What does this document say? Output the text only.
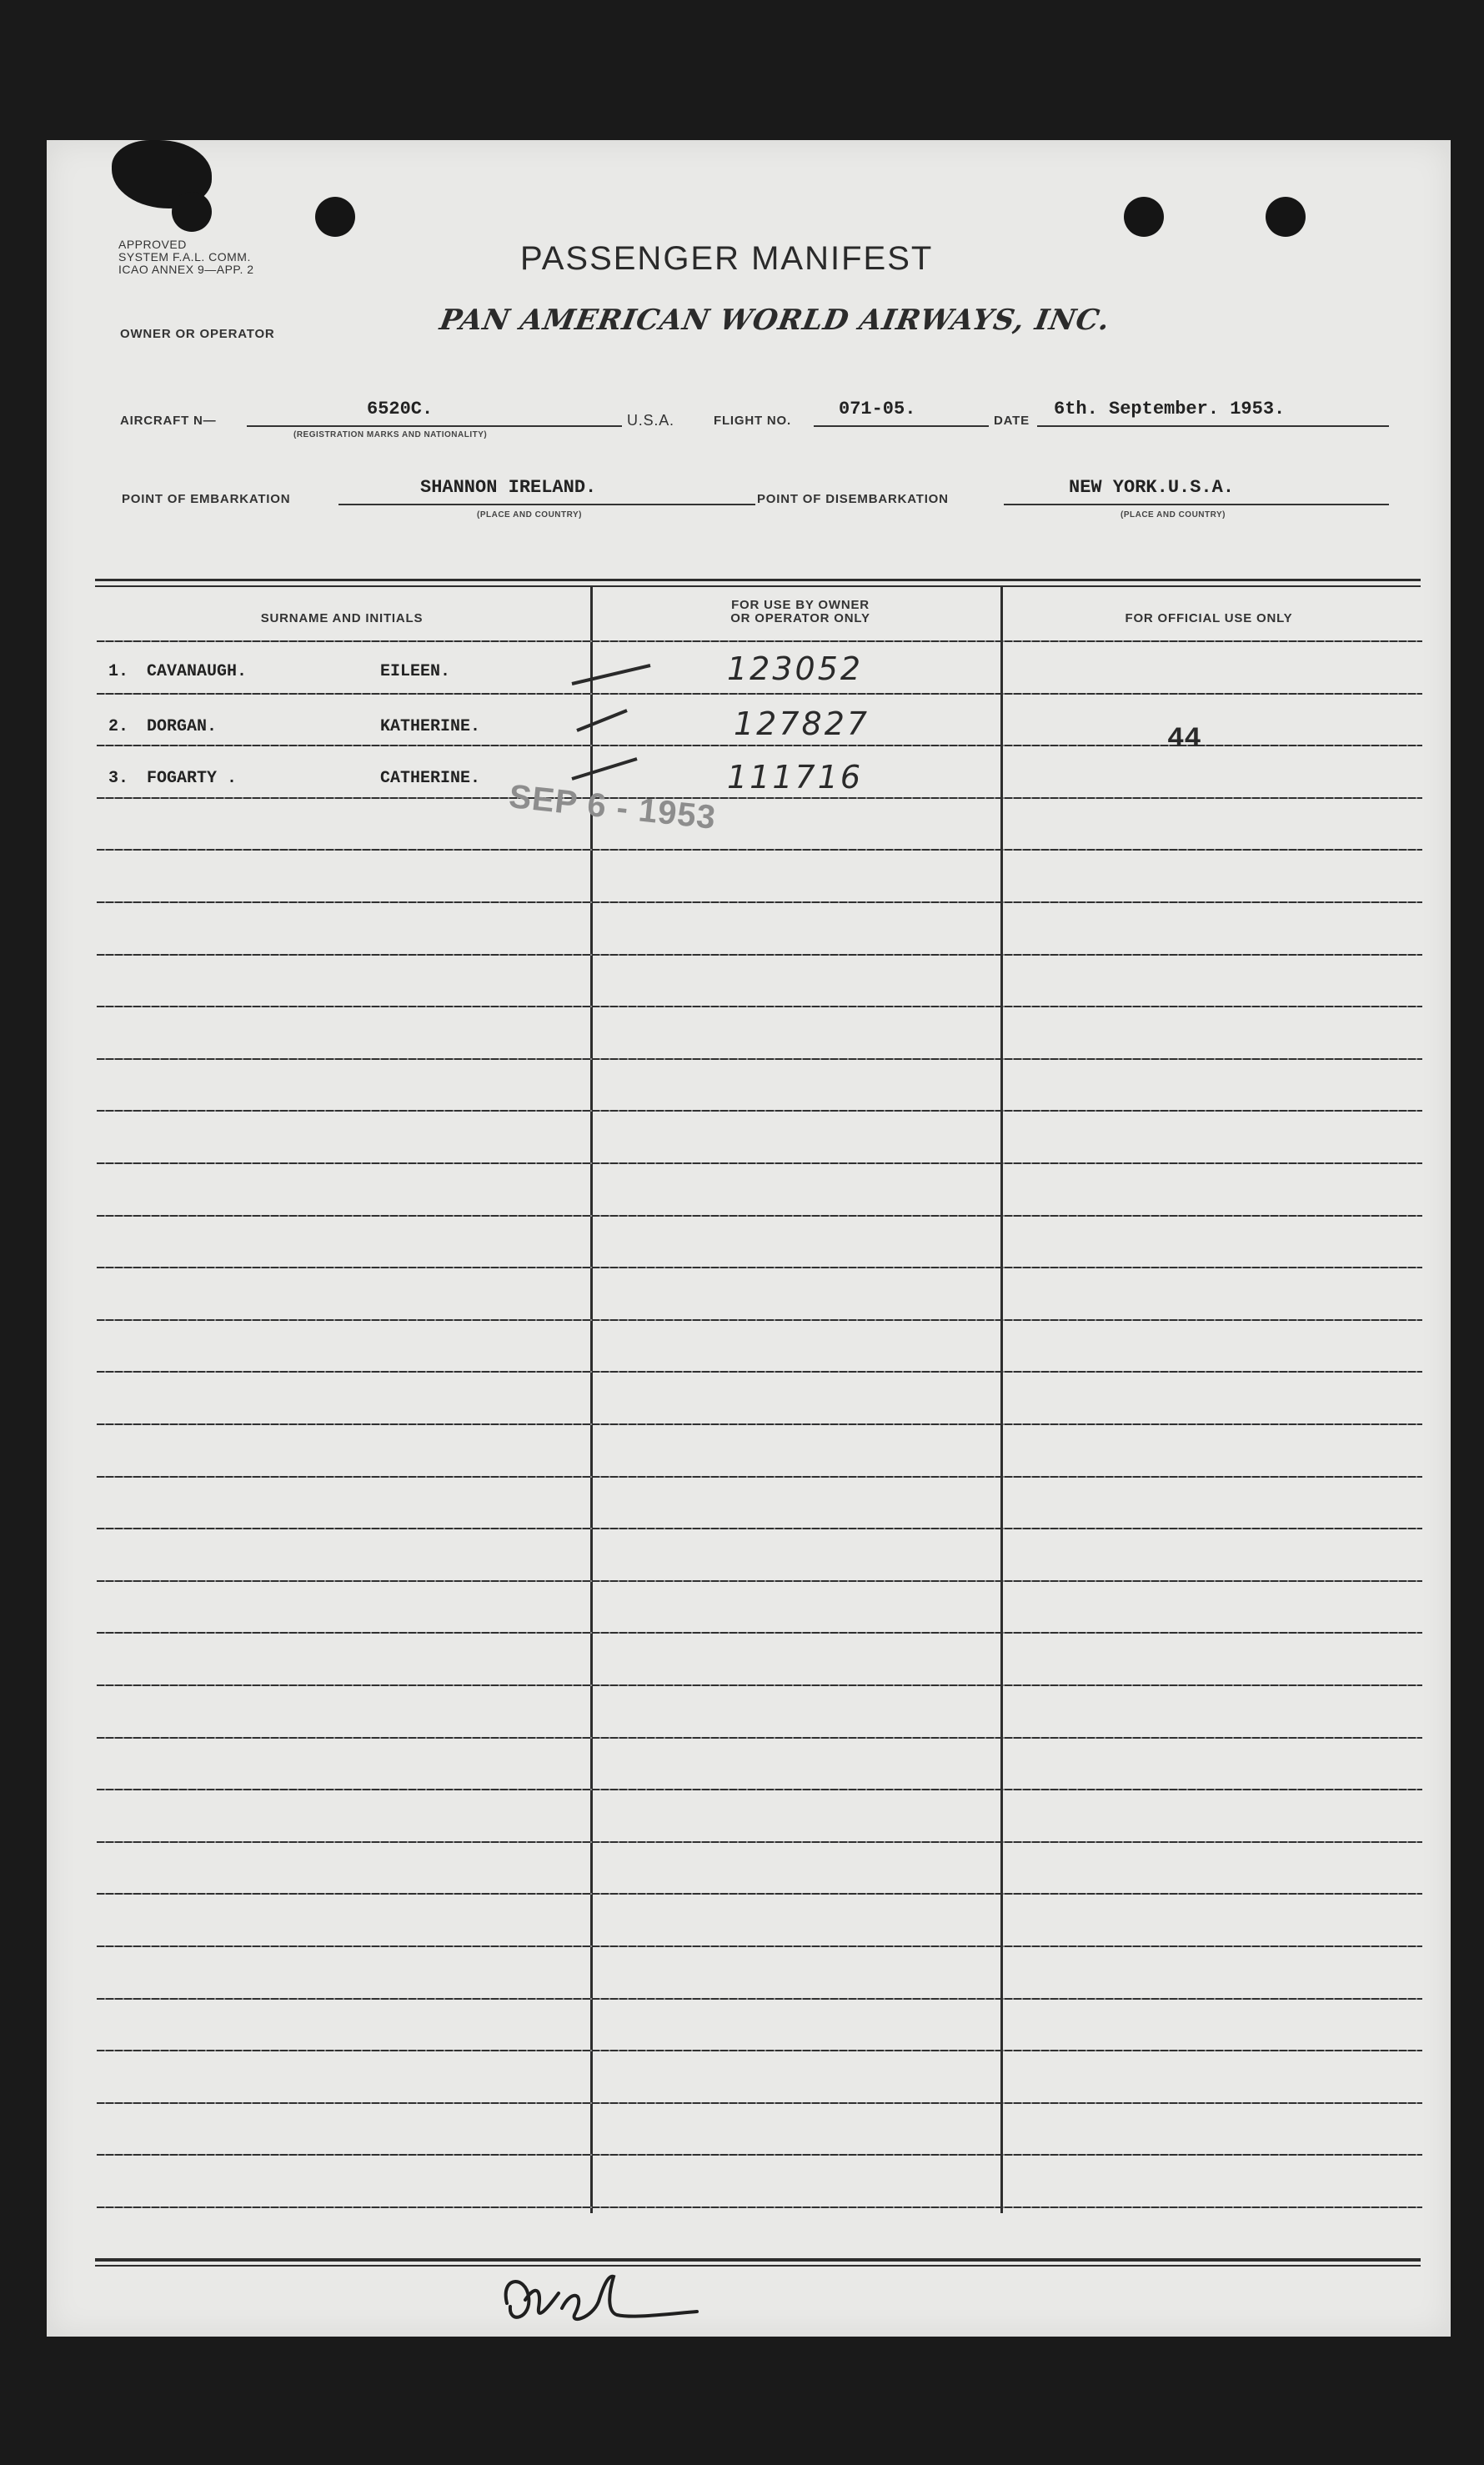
APPROVED
SYSTEM F.A.L. COMM.
ICAO ANNEX 9—APP. 2	PASSENGER MANIFEST
OWNER OR OPERATOR	PAN AMERICAN WORLD AIRWAYS, INC.
AIRCRAFT N—
6520C.
(REGISTRATION MARKS AND NATIONALITY)
U.S.A.	FLIGHT NO.
071-05.
DATE
6th. September. 1953.
POINT OF EMBARKATION
SHANNON IRELAND.
(PLACE AND COUNTRY)
POINT OF DISEMBARKATION
NEW YORK.U.S.A.
(PLACE AND COUNTRY)
SURNAME AND INITIALS
FOR USE BY OWNER
OR OPERATOR ONLY	FOR OFFICIAL USE ONLY
1. CAVANAUGH.	EILEEN.	123052
2. DORGAN.	KATHERINE.	127827
3. FOGARTY .	CATHERINE.	111716
44
SEP 6 - 1953
